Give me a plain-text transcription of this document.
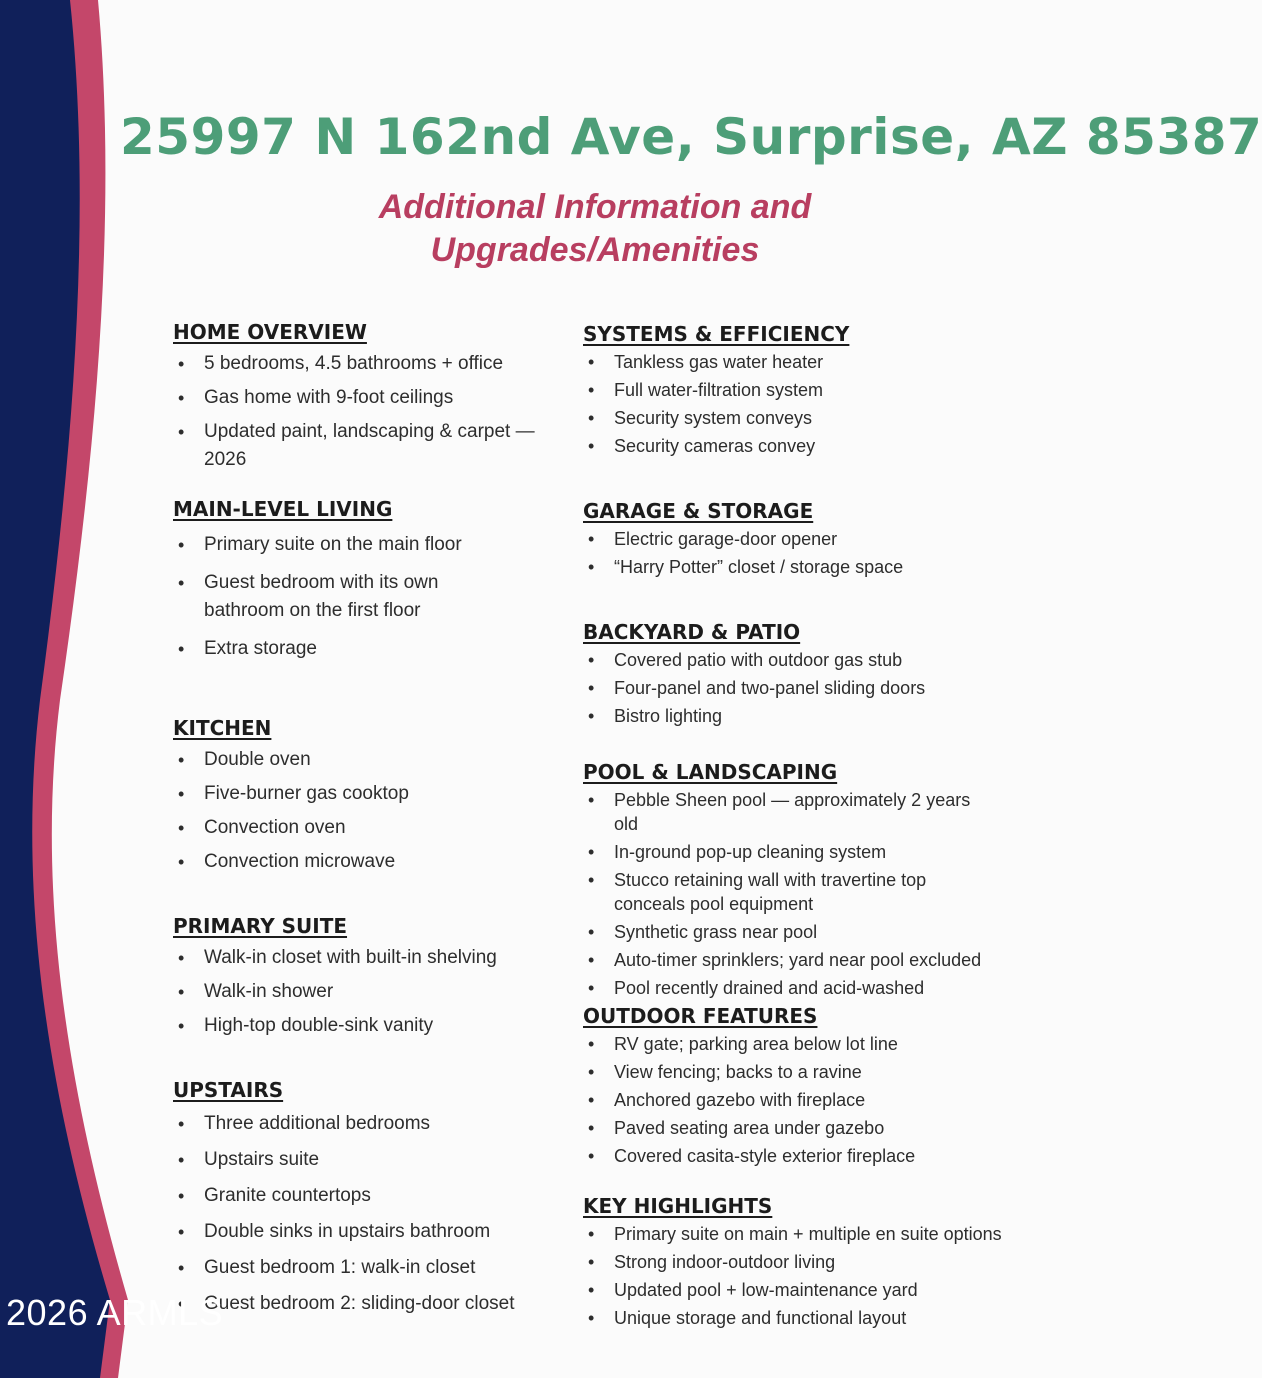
25997 N 162nd Ave, Surprise, AZ 85387
Additional Information and Upgrades/Amenities
HOME OVERVIEW
• 5 bedrooms, 4.5 bathrooms + office
• Gas home with 9-foot ceilings
• Updated paint, landscaping & carpet — 2026
MAIN-LEVEL LIVING
• Primary suite on the main floor
• Guest bedroom with its own bathroom on the first floor
• Extra storage
KITCHEN
• Double oven
• Five-burner gas cooktop
• Convection oven
• Convection microwave
PRIMARY SUITE
• Walk-in closet with built-in shelving
• Walk-in shower
• High-top double-sink vanity
UPSTAIRS
• Three additional bedrooms
• Upstairs suite
• Granite countertops
• Double sinks in upstairs bathroom
• Guest bedroom 1: walk-in closet
• Guest bedroom 2: sliding-door closet
SYSTEMS & EFFICIENCY
• Tankless gas water heater
• Full water-filtration system
• Security system conveys
• Security cameras convey
GARAGE & STORAGE
• Electric garage-door opener
• “Harry Potter” closet / storage space
BACKYARD & PATIO
• Covered patio with outdoor gas stub
• Four-panel and two-panel sliding doors
• Bistro lighting
POOL & LANDSCAPING
• Pebble Sheen pool — approximately 2 years old
• In-ground pop-up cleaning system
• Stucco retaining wall with travertine top conceals pool equipment
• Synthetic grass near pool
• Auto-timer sprinklers; yard near pool excluded
• Pool recently drained and acid-washed
OUTDOOR FEATURES
• RV gate; parking area below lot line
• View fencing; backs to a ravine
• Anchored gazebo with fireplace
• Paved seating area under gazebo
• Covered casita-style exterior fireplace
KEY HIGHLIGHTS
• Primary suite on main + multiple en suite options
• Strong indoor-outdoor living
• Updated pool + low-maintenance yard
• Unique storage and functional layout

2026 ARMLS
